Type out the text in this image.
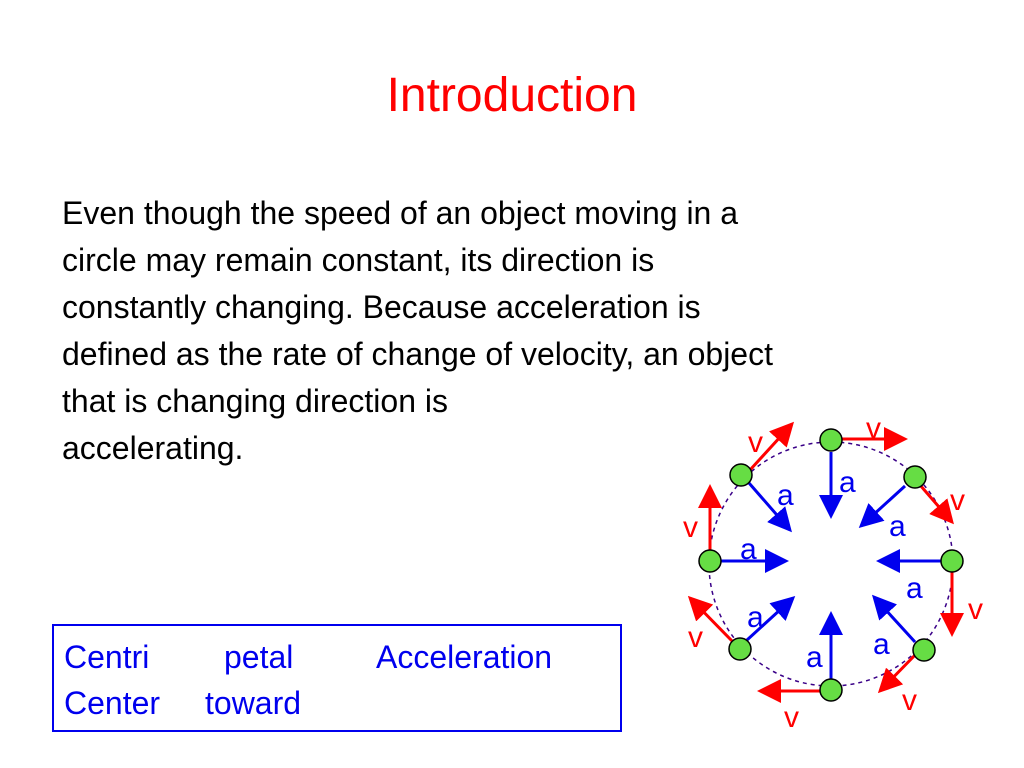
Introduction
Even though the speed of an object moving in a
circle may remain constant, its direction is
constantly changing. Because acceleration is
defined as the rate of change of velocity, an object
that is changing direction is
accelerating.
Centri petal	Acceleration
Center toward
v
v
v
v
v
v
v
v
a
a
a
a
a
a
a
a
